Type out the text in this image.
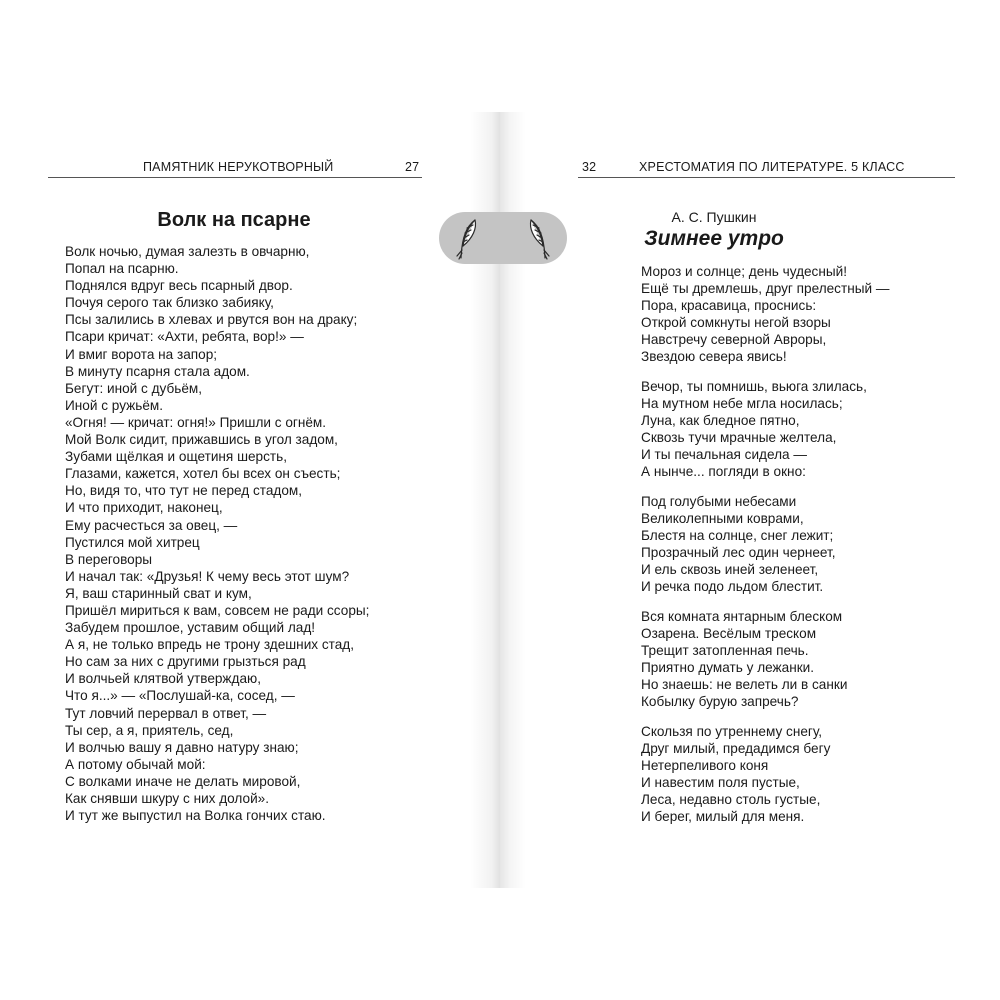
ПАМЯТНИК НЕРУКОТВОРНЫЙ	27
Волк на псарне
Волк ночью, думая залезть в овчарню,
Попал на псарню.
Поднялся вдруг весь псарный двор.
Почуя серого так близко забияку,
Псы залились в хлевах и рвутся вон на драку;
Псари кричат: «Ахти, ребята, вор!» —
И вмиг ворота на запор;
В минуту псарня стала адом.
Бегут: иной с дубьём,
Иной с ружьём.
«Огня! — кричат: огня!» Пришли с огнём.
Мой Волк сидит, прижавшись в угол задом,
Зубами щёлкая и ощетиня шерсть,
Глазами, кажется, хотел бы всех он съесть;
Но, видя то, что тут не перед стадом,
И что приходит, наконец,
Ему расчесться за овец, —
Пустился мой хитрец
В переговоры
И начал так: «Друзья! К чему весь этот шум?
Я, ваш старинный сват и кум,
Пришёл мириться к вам, совсем не ради ссоры;
Забудем прошлое, уставим общий лад!
А я, не только впредь не трону здешних стад,
Но сам за них с другими грызться рад
И волчьей клятвой утверждаю,
Что я...» — «Послушай-ка, сосед, —
Тут ловчий перервал в ответ, —
Ты сер, а я, приятель, сед,
И волчью вашу я давно натуру знаю;
А потому обычай мой:
С волками иначе не делать мировой,
Как снявши шкуру с них долой».
И тут же выпустил на Волка гончих стаю.
32	ХРЕСТОМАТИЯ ПО ЛИТЕРАТУРЕ. 5 КЛАСС
А. С. Пушкин
Зимнее утро
Мороз и солнце; день чудесный!
Ещё ты дремлешь, друг прелестный —
Пора, красавица, проснись:
Открой сомкнуты негой взоры
Навстречу северной Авроры,
Звездою севера явись!
Вечор, ты помнишь, вьюга злилась,
На мутном небе мгла носилась;
Луна, как бледное пятно,
Сквозь тучи мрачные желтела,
И ты печальная сидела —
А нынче... погляди в окно:
Под голубыми небесами
Великолепными коврами,
Блестя на солнце, снег лежит;
Прозрачный лес один чернеет,
И ель сквозь иней зеленеет,
И речка подо льдом блестит.
Вся комната янтарным блеском
Озарена. Весёлым треском
Трещит затопленная печь.
Приятно думать у лежанки.
Но знаешь: не велеть ли в санки
Кобылку бурую запречь?
Скользя по утреннему снегу,
Друг милый, предадимся бегу
Нетерпеливого коня
И навестим поля пустые,
Леса, недавно столь густые,
И берег, милый для меня.
